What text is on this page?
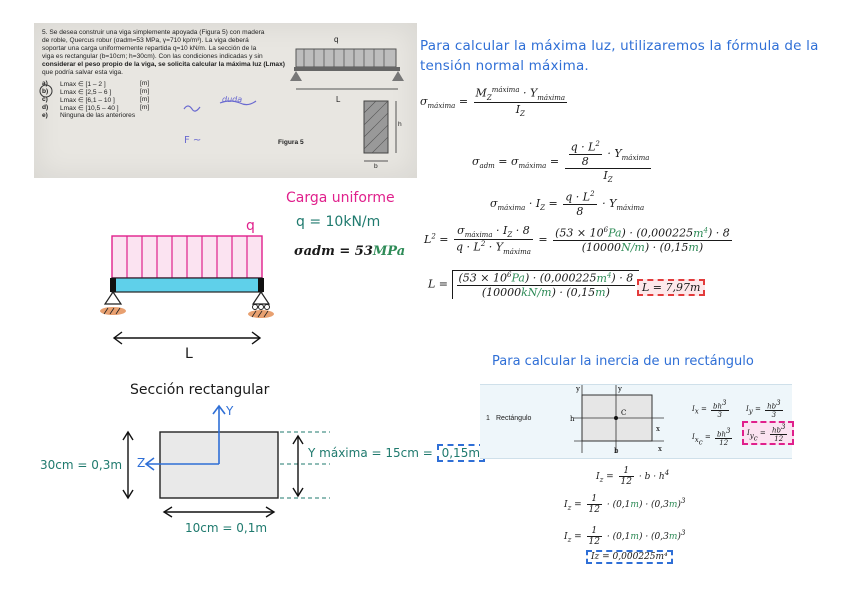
5. Se desea construir una viga simplemente apoyada (Figura 5) con madera
de roble, Quercus robur (σadm=53 MPa, γ=710 kp/m³). La viga deberá
soportar una carga uniformemente repartida q=10 kN/m. La sección de la
viga es rectangular (b=10cm; h=30cm). Con las condiciones indicadas y sin
considerar el peso propio de la viga, se solicita calcular la máxima luz (Lmax)
que podría salvar esta viga.
a) Lmax ∈ [1 – 2 ]	[m]
b) Lmax ∈ [2,5 – 6 ]	[m]
c) Lmax ∈ [6,1 – 10 ]	[m]
d) Lmax ∈ [10,5 – 40 ]	[m]
e) Ninguna de las anteriores
F ~
q
L
h
b
Figura 5
duda
Para calcular la máxima luz, utilizaremos la fórmula de la
tensión normal máxima.
$\sigma_{máxima} = \frac{M_Z^{máxima} \cdot Y_{máxima}}{I_Z}$
$\sigma_{adm} = \sigma_{máxima} = \frac{\frac{q \cdot L^2}{8} \cdot Y_{máxima}}{I_Z}$
$\sigma_{máxima} \cdot I_Z = \frac{q \cdot L^2}{8} \cdot Y_{máxima}$
$L^2 = \frac{\sigma_{máxima} \cdot I_Z \cdot 8}{q \cdot L^2 \cdot Y_{máxima}} = \frac{(53 \times 10^6Pa) \cdot (0,000225m^4) \cdot 8}{(10000N/m) \cdot (0,15m)}$
$L = \frac{(53 \times 10^6Pa) \cdot (0,000225m^4) \cdot 8}{(10000kN/m) \cdot (0,15m)}$ L = 7,97m
Carga uniforme
q = 10kN/m
σadm = 53MPa
q
L
Sección rectangular
Y
Z
30cm = 0,3m
10cm = 0,1m
Y máxima = 15cm = 0,15m
Para calcular la inercia de un rectángulo
1 Rectángulo
y	y
C
h
x
x
b
$I_x = \frac{bh^3}{3}$
$I_{x_c} = \frac{bh^3}{12}$
$I_y = \frac{hb^3}{3}$
$I_{y_c} = \frac{hb^3}{12}$
$I_z = \frac{1}{12} \cdot b \cdot h^4$
$I_z = \frac{1}{12} \cdot (0,1m) \cdot (0,3m)^3$
$I_z = \frac{1}{12} \cdot (0,1m) \cdot (0,3m)^3$
Iz = 0,000225m⁴
